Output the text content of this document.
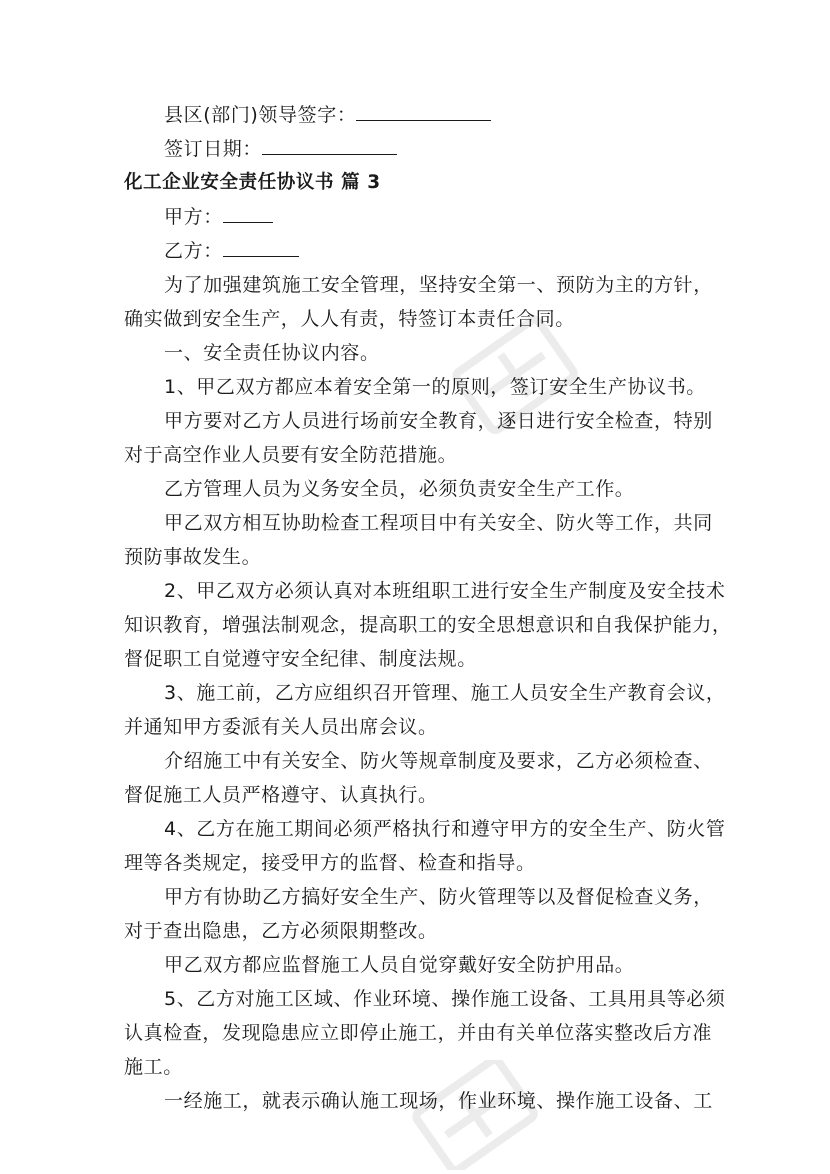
县区(部门)领导签字：
签订日期：
化工企业安全责任协议书 篇 3
甲方：
乙方：
为了加强建筑施工安全管理，坚持安全第一、预防为主的方针，
确实做到安全生产，人人有责，特签订本责任合同。
一、安全责任协议内容。
1、甲乙双方都应本着安全第一的原则，签订安全生产协议书。
甲方要对乙方人员进行场前安全教育，逐日进行安全检查，特别
对于高空作业人员要有安全防范措施。
乙方管理人员为义务安全员，必须负责安全生产工作。
甲乙双方相互协助检查工程项目中有关安全、防火等工作，共同
预防事故发生。
2、甲乙双方必须认真对本班组职工进行安全生产制度及安全技术
知识教育，增强法制观念，提高职工的安全思想意识和自我保护能力，
督促职工自觉遵守安全纪律、制度法规。
3、施工前，乙方应组织召开管理、施工人员安全生产教育会议，
并通知甲方委派有关人员出席会议。
介绍施工中有关安全、防火等规章制度及要求，乙方必须检查、
督促施工人员严格遵守、认真执行。
4、乙方在施工期间必须严格执行和遵守甲方的安全生产、防火管
理等各类规定，接受甲方的监督、检查和指导。
甲方有协助乙方搞好安全生产、防火管理等以及督促检查义务，
对于查出隐患，乙方必须限期整改。
甲乙双方都应监督施工人员自觉穿戴好安全防护用品。
5、乙方对施工区域、作业环境、操作施工设备、工具用具等必须
认真检查，发现隐患应立即停止施工，并由有关单位落实整改后方准
施工。
一经施工，就表示确认施工现场，作业环境、操作施工设备、工
